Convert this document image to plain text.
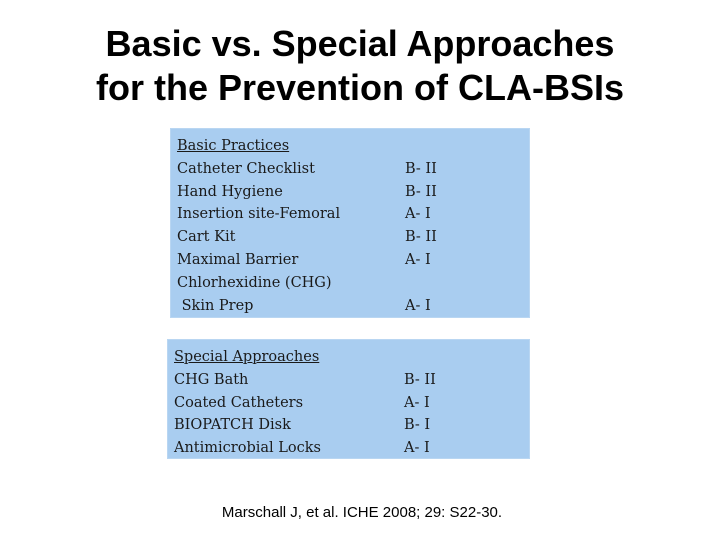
Basic vs. Special Approaches
for the Prevention of CLA-BSIs
Basic Practices
Catheter Checklist	B- II
Hand Hygiene	B- II
Insertion site-Femoral	A- I
Cart Kit	B- II
Maximal Barrier	A- I
Chlorhexidine (CHG)
Skin Prep	A- I
Special Approaches
CHG Bath	B- II
Coated Catheters	A- I
BIOPATCH Disk	B- I
Antimicrobial Locks	A- I
Marschall J, et al. ICHE 2008; 29: S22-30.
